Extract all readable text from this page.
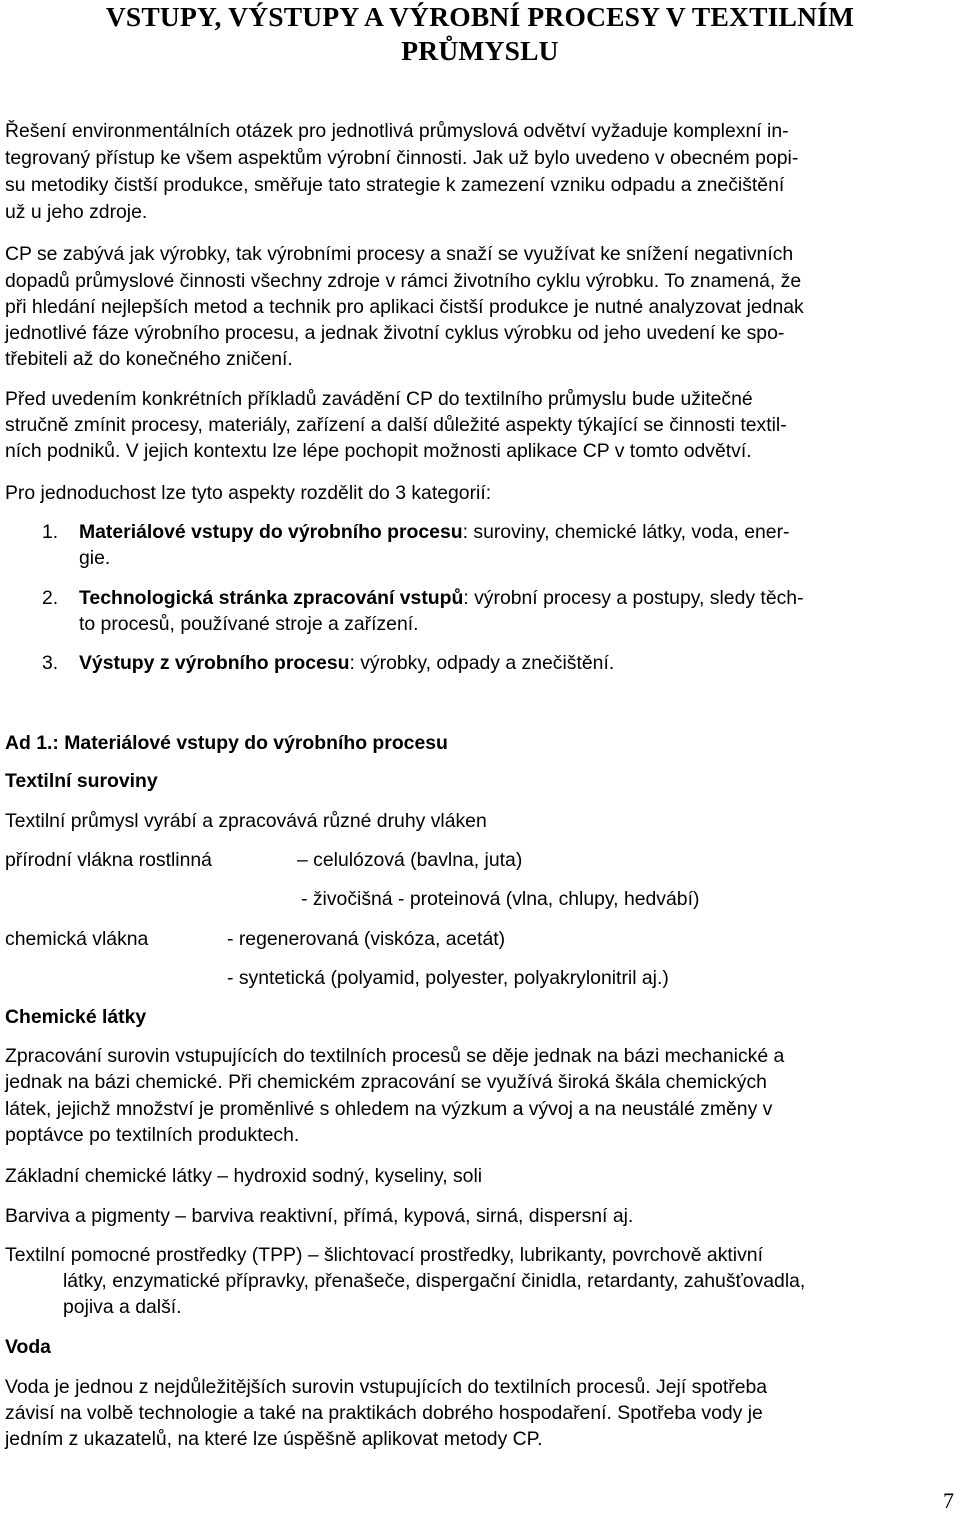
VSTUPY, VÝSTUPY A VÝROBNÍ PROCESY V TEXTILNÍM
PRŮMYSLU

Řešení environmentálních otázek pro jednotlivá průmyslová odvětví vyžaduje komplexní in-

tegrovaný přístup ke všem aspektům výrobní činnosti. Jak už bylo uvedeno v obecném popi-

su metodiky čistší produkce, směřuje tato strategie k zamezení vzniku odpadu a znečištění

už u jeho zdroje.

CP se zabývá jak výrobky, tak výrobními procesy a snaží se využívat ke snížení negativních

dopadů průmyslové činnosti všechny zdroje v rámci životního cyklu výrobku. To znamená, že

při hledání nejlepších metod a technik pro aplikaci čistší produkce je nutné analyzovat jednak

jednotlivé fáze výrobního procesu, a jednak životní cyklus výrobku od jeho uvedení ke spo-

třebiteli až do konečného zničení.

Před uvedením konkrétních příkladů zavádění CP do textilního průmyslu bude užitečné

stručně zmínit procesy, materiály, zařízení a další důležité aspekty týkající se činnosti textil-

ních podniků. V jejich kontextu lze lépe pochopit možnosti aplikace CP v tomto odvětví.

Pro jednoduchost lze tyto aspekty rozdělit do 3 kategorií:

1. Materiálové vstupy do výrobního procesu: suroviny, chemické látky, voda, ener-
gie.
2. Technologická stránka zpracování vstupů: výrobní procesy a postupy, sledy těch-
to procesů, používané stroje a zařízení.
3. Výstupy z výrobního procesu: výrobky, odpady a znečištění.

Ad 1.: Materiálové vstupy do výrobního procesu

Textilní suroviny

Textilní průmysl vyrábí a zpracovává různé druhy vláken

přírodní vlákna rostlinná	– celulózová (bavlna, juta)
- živočišná - proteinová (vlna, chlupy, hedvábí)
chemická vlákna	- regenerovaná (viskóza, acetát)
- syntetická (polyamid, polyester, polyakrylonitril aj.)

Chemické látky

Zpracování surovin vstupujících do textilních procesů se děje jednak na bázi mechanické a

jednak na bázi chemické. Při chemickém zpracování se využívá široká škála chemických

látek, jejichž množství je proměnlivé s ohledem na výzkum a vývoj a na neustálé změny v

poptávce po textilních produktech.

Základní chemické látky – hydroxid sodný, kyseliny, soli

Barviva a pigmenty – barviva reaktivní, přímá, kypová, sirná, dispersní aj.

Textilní pomocné prostředky (TPP) – šlichtovací prostředky, lubrikanty, povrchově aktivní

látky, enzymatické přípravky, přenašeče, dispergační činidla, retardanty, zahušťovadla,

pojiva a další.

Voda

Voda je jednou z nejdůležitějších surovin vstupujících do textilních procesů. Její spotřeba

závisí na volbě technologie a také na praktikách dobrého hospodaření. Spotřeba vody je

jedním z ukazatelů, na které lze úspěšně aplikovat metody CP.

7
